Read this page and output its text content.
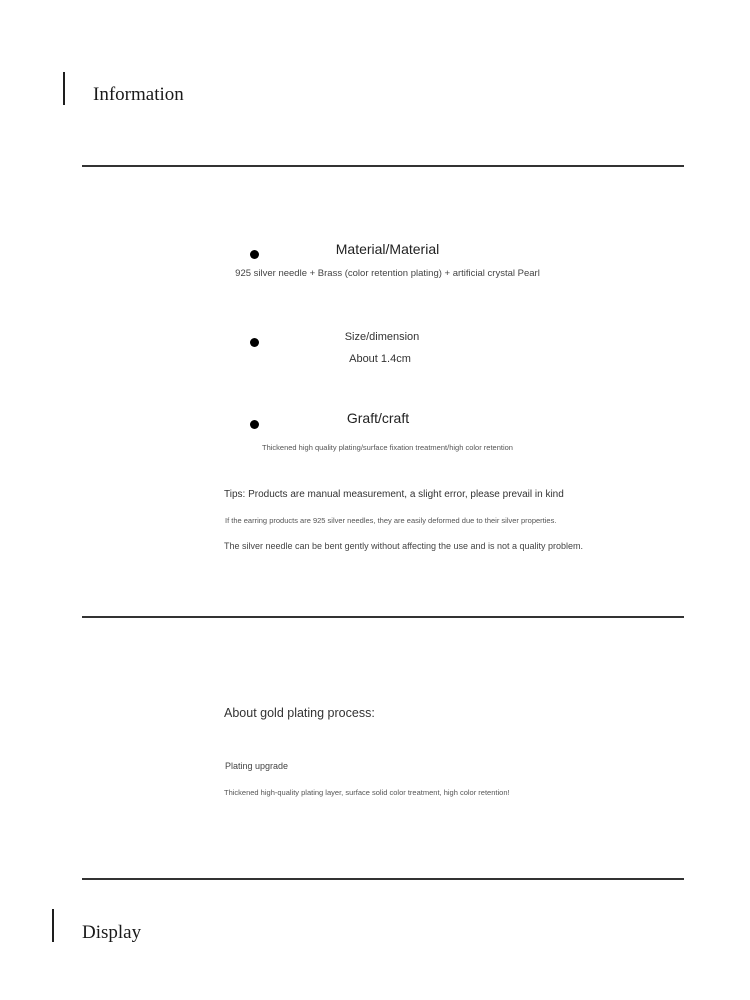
Information
Material/Material
925 silver needle + Brass (color retention plating) + artificial crystal Pearl
Size/dimension
About 1.4cm
Graft/craft
Thickened high quality plating/surface fixation treatment/high color retention
Tips: Products are manual measurement, a slight error, please prevail in kind
If the earring products are 925 silver needles, they are easily deformed due to their silver properties.
The silver needle can be bent gently without affecting the use and is not a quality problem.
About gold plating process:
Plating upgrade
Thickened high-quality plating layer, surface solid color treatment, high color retention!
Display
